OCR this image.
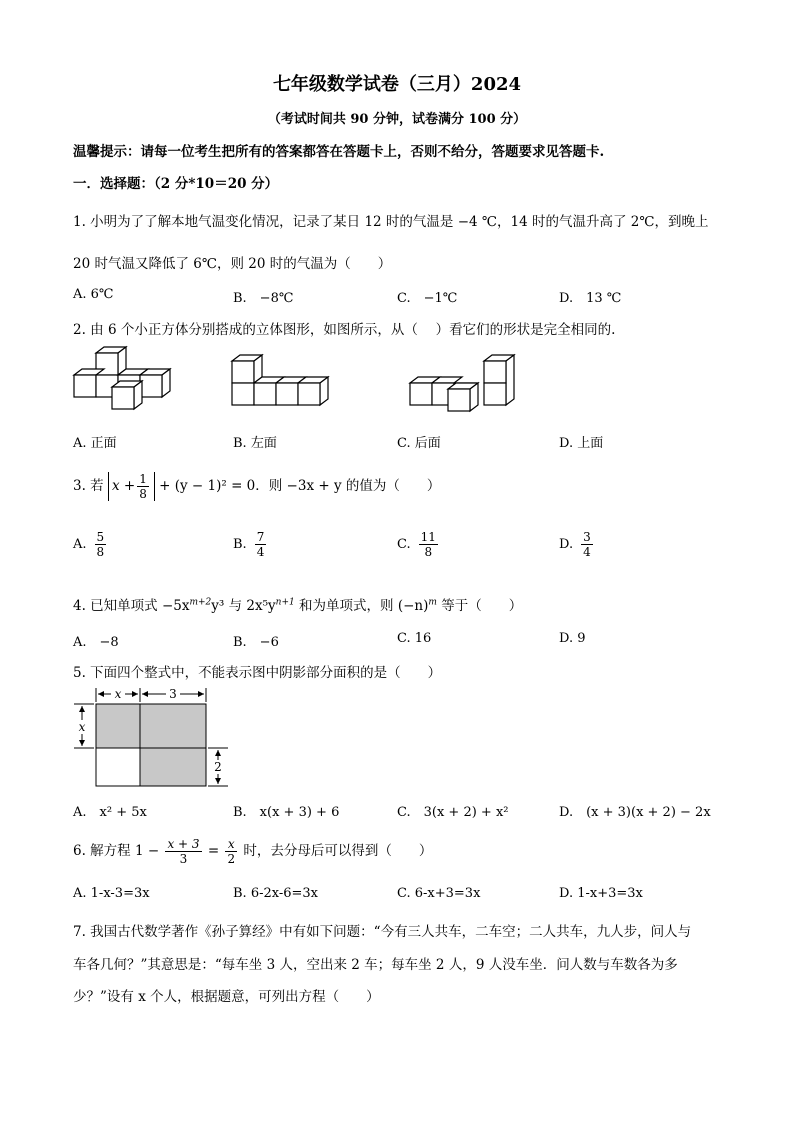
七年级数学试卷（三月）2024
（考试时间共 90 分钟，试卷满分 100 分）
温馨提示：请每一位考生把所有的答案都答在答题卡上，否则不给分，答题要求见答题卡.
一．选择题：（2 分*10＝20 分）
1. 小明为了了解本地气温变化情况，记录了某日 12 时的气温是 −4 ℃，14 时的气温升高了 2℃，到晚上
20 时气温又降低了 6℃，则 20 时的气温为（　　）
A. 6℃	B.　−8℃	C.　−1℃	D.　13 ℃
2. 由 6 个小正方体分别搭成的立体图形，如图所示，从（　 ）看它们的形状是完全相同的.
A. 正面	B. 左面	C. 后面	D. 上面
3. 若 $x + \frac{1}{8} + (y - 1)^2 = 0$．则 −3x + y 的值为（　　）
A. $\frac{5}{8}$	B. $\frac{7}{4}$	C. $\frac{11}{8}$	D. $\frac{3}{4}$
4. 已知单项式 $-5x^{m+2}y^3$ 与 $2x^5y^{n+1}$ 和为单项式，则 $(-n)^m$ 等于（　　）
A.　−8	B.　−6	C. 16	D. 9
5. 下面四个整式中，不能表示图中阴影部分面积的是（　　）
x	3
x
2
A.　x² + 5x	B.　x(x + 3) + 6	C.　3(x + 2) + x²	D.　(x + 3)(x + 2) − 2x
6. 解方程 $1 - \frac{x + 3}{3} = \frac{x}{2}$ 时，去分母后可以得到（　　）
A. 1-x-3=3x	B. 6-2x-6=3x	C. 6-x+3=3x	D. 1-x+3=3x
7. 我国古代数学著作《孙子算经》中有如下问题：“今有三人共车，二车空；二人共车，九人步，问人与
车各几何？”其意思是：“每车坐 3 人，空出来 2 车；每车坐 2 人，9 人没车坐．问人数与车数各为多
少？”设有 x 个人，根据题意，可列出方程（　　）
